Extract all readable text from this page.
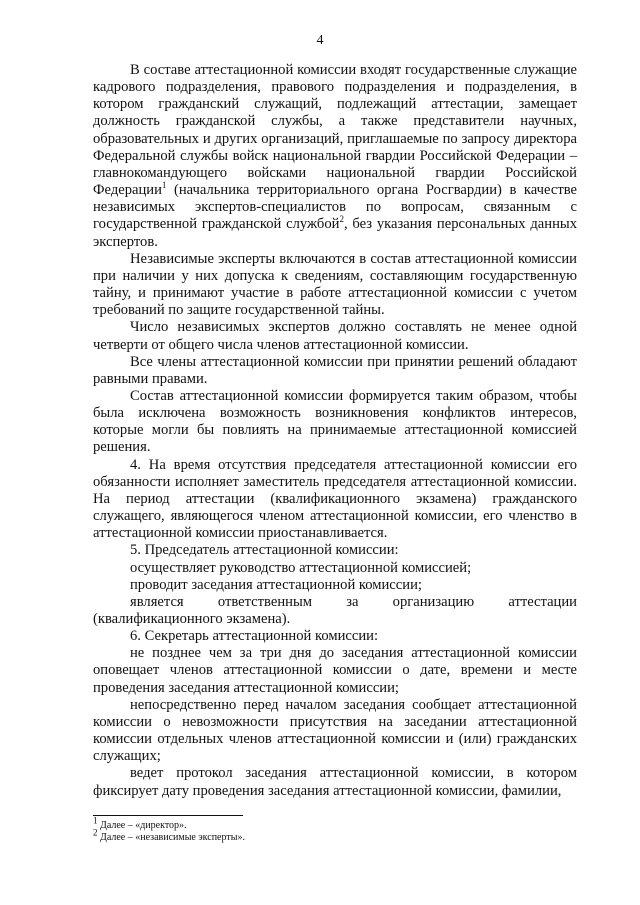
4

В составе аттестационной комиссии входят государственные служащие кадрового подразделения, правового подразделения и подразделения, в котором гражданский служащий, подлежащий аттестации, замещает должность гражданской службы, а также представители научных, образовательных и других организаций, приглашаемые по запросу директора Федеральной службы войск национальной гвардии Российской Федерации – главнокомандующего войсками национальной гвардии Российской Федерации$^1$ (начальника территориального органа Росгвардии) в качестве независимых экспертов-специалистов по вопросам, связанным с государственной гражданской службой$^2$, без указания персональных данных экспертов.

Независимые эксперты включаются в состав аттестационной комиссии при наличии у них допуска к сведениям, составляющим государственную тайну, и принимают участие в работе аттестационной комиссии с учетом требований по защите государственной тайны.

Число независимых экспертов должно составлять не менее одной четверти от общего числа членов аттестационной комиссии.

Все члены аттестационной комиссии при принятии решений обладают равными правами.

Состав аттестационной комиссии формируется таким образом, чтобы была исключена возможность возникновения конфликтов интересов, которые могли бы повлиять на принимаемые аттестационной комиссией решения.

4. На время отсутствия председателя аттестационной комиссии его обязанности исполняет заместитель председателя аттестационной комиссии. На период аттестации (квалификационного экзамена) гражданского служащего, являющегося членом аттестационной комиссии, его членство в аттестационной комиссии приостанавливается.

5. Председатель аттестационной комиссии:

осуществляет руководство аттестационной комиссией;

проводит заседания аттестационной комиссии;

является ответственным за организацию аттестации (квалификационного экзамена).

6. Секретарь аттестационной комиссии:

не позднее чем за три дня до заседания аттестационной комиссии оповещает членов аттестационной комиссии о дате, времени и месте проведения заседания аттестационной комиссии;

непосредственно перед началом заседания сообщает аттестационной комиссии о невозможности присутствия на заседании аттестационной комиссии отдельных членов аттестационной комиссии и (или) гражданских служащих;

ведет протокол заседания аттестационной комиссии, в котором фиксирует дату проведения заседания аттестационной комиссии, фамилии,

$^1$ Далее – «директор».
$^2$ Далее – «независимые эксперты».
